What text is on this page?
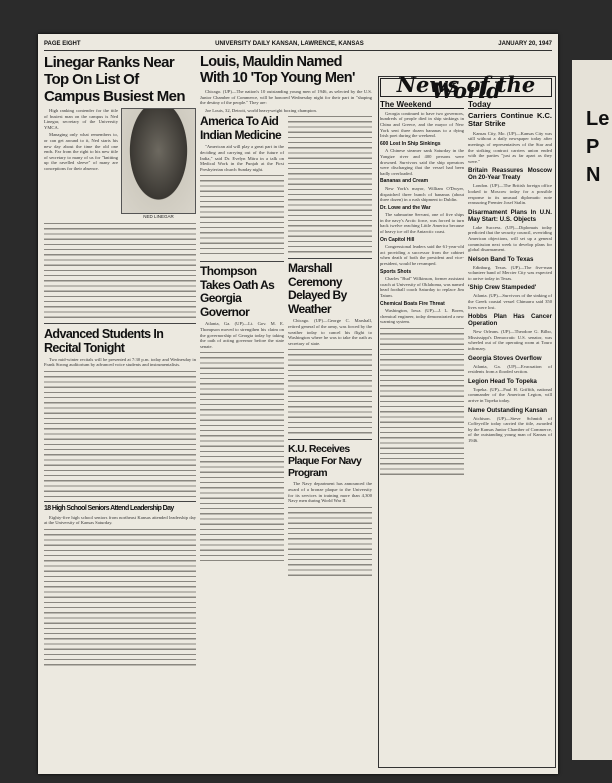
Le P N
PAGE EIGHT	UNIVERSITY DAILY KANSAN, LAWRENCE, KANSAS	JANUARY 20, 1947
Linegar Ranks Near Top On List Of Campus Busiest Men

High ranking contender for the title of busiest man on the campus is Ned Linegar, secretary of the University YMCA.

Managing only what remembers to, or can get around to it, Ned starts his new day about the time the old one ends. Far from the right to his new title of secretary to many of us for "knitting up the ravelled sleeve" of many are conceptions for their absence.

NED LINEGAR
Advanced Students In Recital Tonight

Two mid-winter recitals will be presented at 7:30 p.m. today and Wednesday in Frank Strong auditorium by advanced voice students and instrumentalists.

18 High School Seniors Attend Leadership Day

Eighty-five high school seniors from northeast Kansas attended leadership day at the University of Kansas Saturday.

Louis, Mauldin Named With 10 'Top Young Men'

Chicago. (UP)—The nation's 10 outstanding young men of 1946, as selected by the U.S. Junior Chamber of Commerce, will be honored Wednesday night for their part in "shaping the destiny of the people." They are:

Joe Louis, 32, Detroit, world heavyweight boxing champion.

America To Aid Indian Medicine

"American aid will play a great part in the deciding and carrying out of the future of India," said Dr. Evelyn Mitra in a talk on Medical Work in the Punjab at the First Presbyterian church Sunday night.

Thompson Takes Oath As Georgia Governor

Atlanta, Ga. (UP)—Lt. Gov. M. E. Thompson moved to strengthen his claim on the governorship of Georgia today by taking the oath of acting governor before the state senate.

Marshall Ceremony Delayed By Weather

Chicago. (UP)—George C. Marshall, retired general of the army, was forced by the weather today to cancel his flight to Washington where he was to take the oath as secretary of state.

K.U. Receives Plaque For Navy Program

The Navy department has announced the award of a bronze plaque to the University for its services in training more than 4,300 Navy men during World War II.

News of the World
The Weekend

Georgia continued to have two governors, hundreds of people died in ship sinkings in China and Greece, and the mayor of New York sent three dozen bananas to a dying Irish poet during the weekend.

600 Lost In Ship Sinkings

A Chinese steamer sank Saturday in the Yangtze river and 400 persons were drowned. Survivors said the ship operators were discharging that the vessel had been badly overloaded.

Bananas and Cream

New York's mayor, William O'Dwyer, dispatched three bunch of bananas (about three dozen) in a rush shipment to Dublin.

Dr. Lowe and the War

The submarine Servant, one of five ships in the navy's Arctic force, was forced to turn back twelve reaching Little America because of heavy ice off the Antarctic coast.

On Capitol Hill

Congressional leaders said the 61-year-old act providing a successor from the cabinet when death of both the president and vice-president, would be revamped.

Sports Shots

Charles "Bud" Wilkinson, former assistant coach at University of Oklahoma, was named head football coach Saturday to replace Jim Tatum.

Chemical Boats Fire Threat

Washington, Iowa. (UP)—J. L. Boren, chemical engineer, today demonstrated a new warning system.

Today
Carriers Continue K.C. Star Strike

Kansas City, Mo. (UP)—Kansas City was still without a daily newspaper today after meetings of representatives of the Star and the striking contract carriers union ended with the parties "just as far apart as they were."

Britain Reassures Moscow On 20-Year Treaty

London. (UP)—The British foreign office looked to Moscow today for a possible response to its unusual diplomatic note reassuring Premier Josef Stalin.

Disarmament Plans In U.N. May Start: U.S. Objects

Lake Success. (UP)—Diplomats today predicted that the security council, overriding American objections, will set up a general commission next week to develop plans for global disarmament.

Nelson Band To Texas

Edinburg, Texas. (UP)—The five-man volunteer band of Mercier City was expected to arrive today in Texas.

'Ship Crew Stampeded'

Atlanta. (UP)—Survivors of the sinking of the Greek coastal vessel Chimarra said 350 lives were lost.

Hobbs Plan Has Cancer Operation

New Orleans. (UP)—Theodore G. Bilbo, Mississippi's Democratic U.S. senator, was wheeled out of the operating room at Touro infirmary.

Georgia Stoves Overflow

Atlanta, Ga. (UP)—Evacuation of residents from a flooded section.

Legion Head To Topeka

Topeka. (UP)—Paul H. Griffith, national commander of the American Legion, will arrive in Topeka today.

Name Outstanding Kansan

Atchison. (UP)—Steve Schmidt of Coffeyville today carried the title, awarded by the Kansas Junior Chamber of Commerce, of the outstanding young man of Kansas of 1946.
